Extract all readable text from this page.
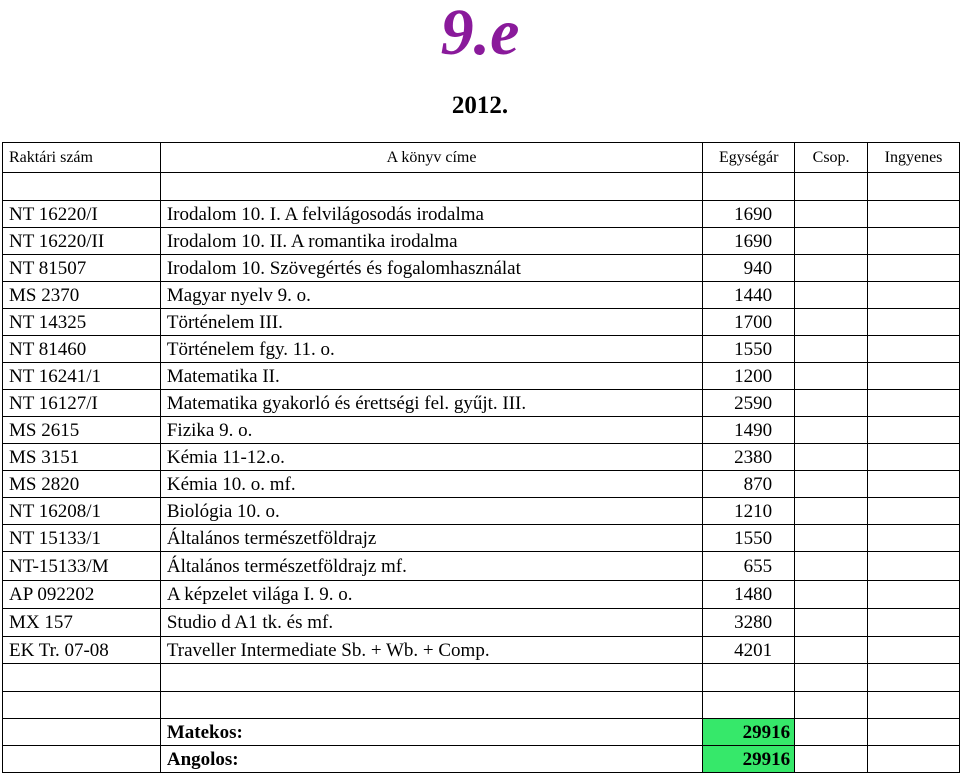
9.e
2012.
Raktári szám	A könyv címe	Egységár	Csop.	Ingyenes

NT 16220/I	Irodalom 10. I. A felvilágosodás irodalma	1690		
NT 16220/II	Irodalom 10. II. A romantika irodalma	1690		
NT 81507	Irodalom 10. Szövegértés és fogalomhasználat	940		
MS 2370	Magyar nyelv 9. o.	1440		
NT 14325	Történelem III.	1700		
NT 81460	Történelem fgy. 11. o.	1550		
NT 16241/1	Matematika II.	1200		
NT 16127/I	Matematika gyakorló és érettségi fel. gyűjt. III.	2590		
MS 2615	Fizika 9. o.	1490		
MS 3151	Kémia 11-12.o.	2380		
MS 2820	Kémia 10. o. mf.	870		
NT 16208/1	Biológia 10. o.	1210		
NT 15133/1	Általános természetföldrajz	1550		
NT-15133/M	Általános természetföldrajz mf.	655		
AP 092202	A képzelet világa I. 9. o.	1480		
MX 157	Studio d A1 tk. és mf.	3280		
EK Tr. 07-08	Traveller Intermediate Sb. + Wb. + Comp.	4201		

	Matekos:	29916		
	Angolos:	29916		
